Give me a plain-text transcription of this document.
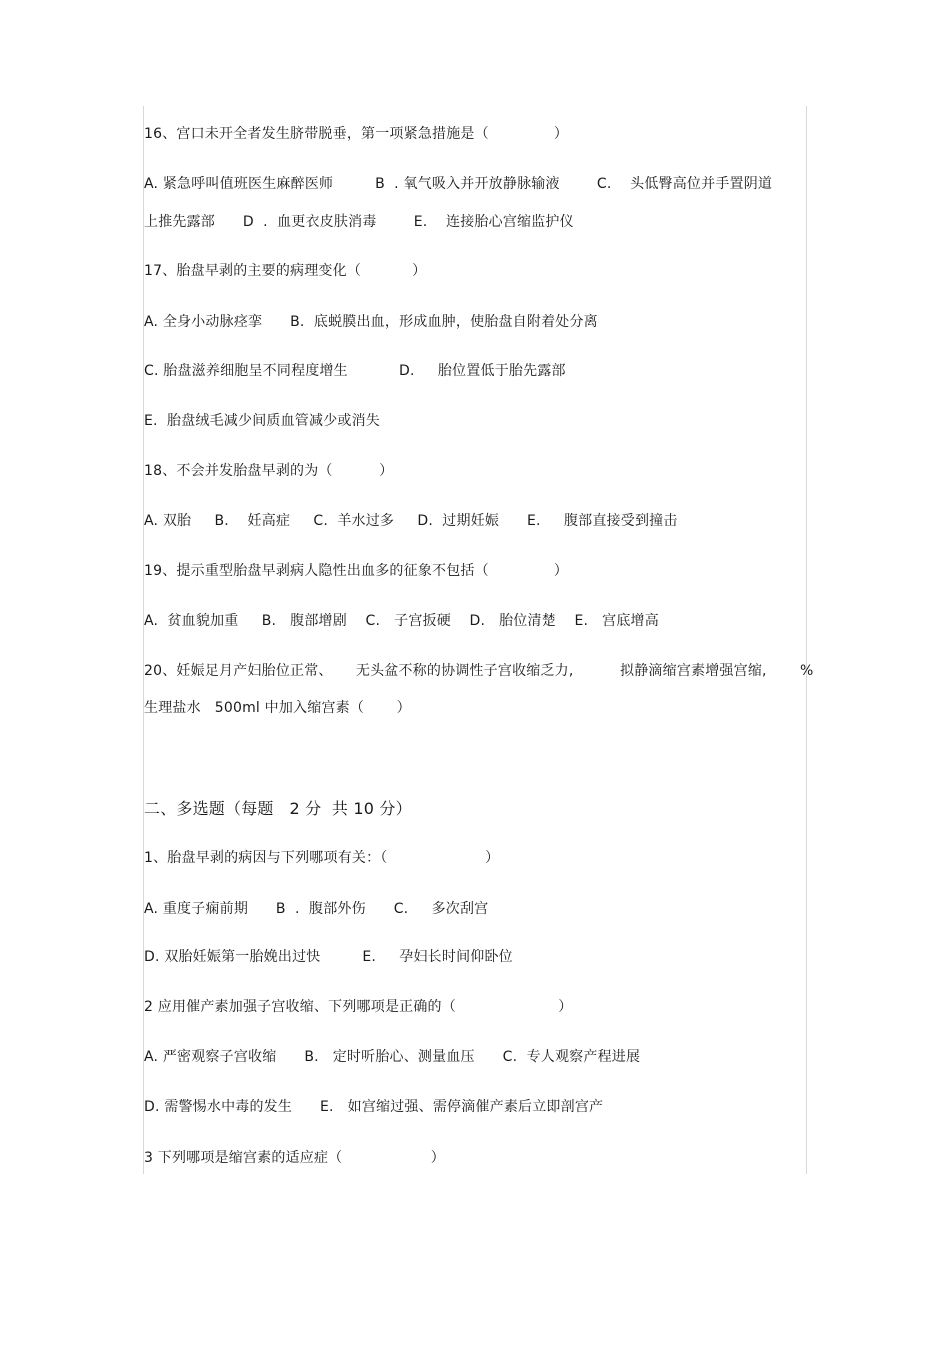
16、宫口未开全者发生脐带脱垂，第一项紧急措施是（              ）
A. 紧急呼叫值班医生麻醉医师         B  . 氧气吸入并开放静脉输液        C.    头低臀高位并手置阴道
上推先露部      D  .  血更衣皮肤消毒        E.    连接胎心宫缩监护仪
17、胎盘早剥的主要的病理变化（           ）
A. 全身小动脉痉挛      B.  底蜕膜出血，形成血肿，使胎盘自附着处分离
C. 胎盘滋养细胞呈不同程度增生           D.     胎位置低于胎先露部
E.  胎盘绒毛减少间质血管减少或消失
18、不会并发胎盘早剥的为（          ）
A. 双胎     B.    妊高症     C.  羊水过多     D.  过期妊娠      E.     腹部直接受到撞击
19、提示重型胎盘早剥病人隐性出血多的征象不包括（              ）
A.  贫血貌加重     B.   腹部增剧    C.   子宫扳硬    D.   胎位清楚    E.   宫底增高
20、妊娠足月产妇胎位正常、     无头盆不称的协调性子宫收缩乏力,          拟静滴缩宫素增强宫缩, %
生理盐水   500ml 中加入缩宫素（       ）
二、多选题（每题   2 分  共 10 分）
1、胎盘早剥的病因与下列哪项有关：（                     ）
A. 重度子痫前期      B  .  腹部外伤      C.     多次刮宫
D. 双胎妊娠第一胎娩出过快         E.     孕妇长时间仰卧位
2 应用催产素加强子宫收缩、下列哪项是正确的（                      ）
A. 严密观察子宫收缩      B.   定时听胎心、测量血压      C.  专人观察产程进展
D. 需警惕水中毒的发生      E.   如宫缩过强、需停滴催产素后立即剖宫产
3 下列哪项是缩宫素的适应症（                   ）
